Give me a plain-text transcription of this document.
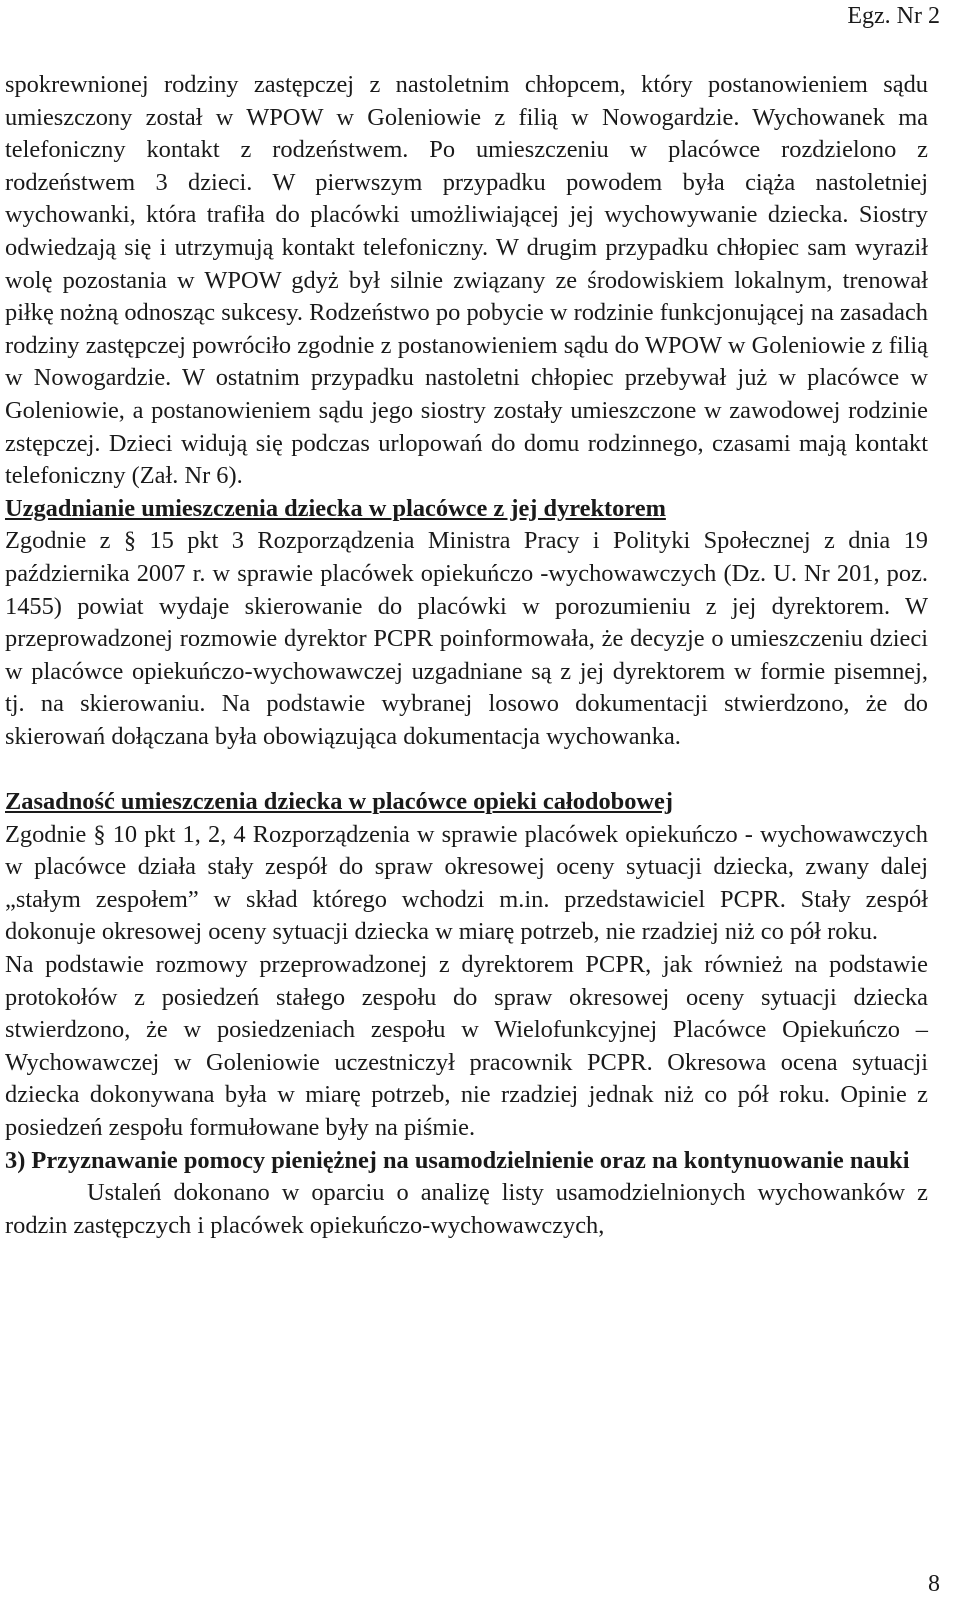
Egz. Nr 2

spokrewnionej rodziny zastępczej z nastoletnim chłopcem, który postanowieniem sądu umieszczony został w WPOW w Goleniowie z filią w Nowogardzie. Wychowanek ma telefoniczny kontakt z rodzeństwem. Po umieszczeniu w placówce rozdzielono z rodzeństwem 3 dzieci. W pierwszym przypadku powodem była ciąża nastoletniej wychowanki, która trafiła do placówki umożliwiającej jej wychowywanie dziecka. Siostry odwiedzają się i utrzymują kontakt telefoniczny. W drugim przypadku chłopiec sam wyraził wolę pozostania w WPOW gdyż był silnie związany ze środowiskiem lokalnym, trenował piłkę nożną odnosząc sukcesy. Rodzeństwo po pobycie w rodzinie funkcjonującej na zasadach rodziny zastępczej powróciło zgodnie z postanowieniem sądu do WPOW w Goleniowie z filią w Nowogardzie. W ostatnim przypadku nastoletni chłopiec przebywał już w placówce w Goleniowie, a postanowieniem sądu jego siostry zostały umieszczone w zawodowej rodzinie zstępczej. Dzieci widują się podczas urlopowań do domu rodzinnego, czasami mają kontakt telefoniczny (Zał. Nr 6).

Uzgadnianie umieszczenia dziecka w placówce z jej dyrektorem

Zgodnie z § 15 pkt 3 Rozporządzenia Ministra Pracy i Polityki Społecznej z dnia 19 października 2007 r. w sprawie placówek opiekuńczo -wychowawczych (Dz. U. Nr 201, poz. 1455) powiat wydaje skierowanie do placówki w porozumieniu z jej dyrektorem. W przeprowadzonej rozmowie dyrektor PCPR poinformowała, że decyzje o umieszczeniu dzieci w placówce opiekuńczo-wychowawczej uzgadniane są z jej dyrektorem w formie pisemnej, tj. na skierowaniu. Na podstawie wybranej losowo dokumentacji stwierdzono, że do skierowań dołączana była obowiązująca dokumentacja wychowanka.

Zasadność umieszczenia dziecka w placówce opieki całodobowej

Zgodnie § 10 pkt 1, 2, 4 Rozporządzenia w sprawie placówek opiekuńczo - wychowawczych w placówce działa stały zespół do spraw okresowej oceny sytuacji dziecka, zwany dalej „stałym zespołem” w skład którego wchodzi m.in. przedstawiciel PCPR. Stały zespół dokonuje okresowej oceny sytuacji dziecka w miarę potrzeb, nie rzadziej niż co pół roku.

Na podstawie rozmowy przeprowadzonej z dyrektorem PCPR, jak również na podstawie protokołów z posiedzeń stałego zespołu do spraw okresowej oceny sytuacji dziecka stwierdzono, że w posiedzeniach zespołu w Wielofunkcyjnej Placówce Opiekuńczo – Wychowawczej w Goleniowie uczestniczył pracownik PCPR. Okresowa ocena sytuacji dziecka dokonywana była w miarę potrzeb, nie rzadziej jednak niż co pół roku. Opinie z posiedzeń zespołu formułowane były na piśmie.

3) Przyznawanie pomocy pieniężnej na usamodzielnienie oraz na kontynuowanie nauki

Ustaleń dokonano w oparciu o analizę listy usamodzielnionych wychowanków z rodzin zastępczych i placówek opiekuńczo-wychowawczych,

8
